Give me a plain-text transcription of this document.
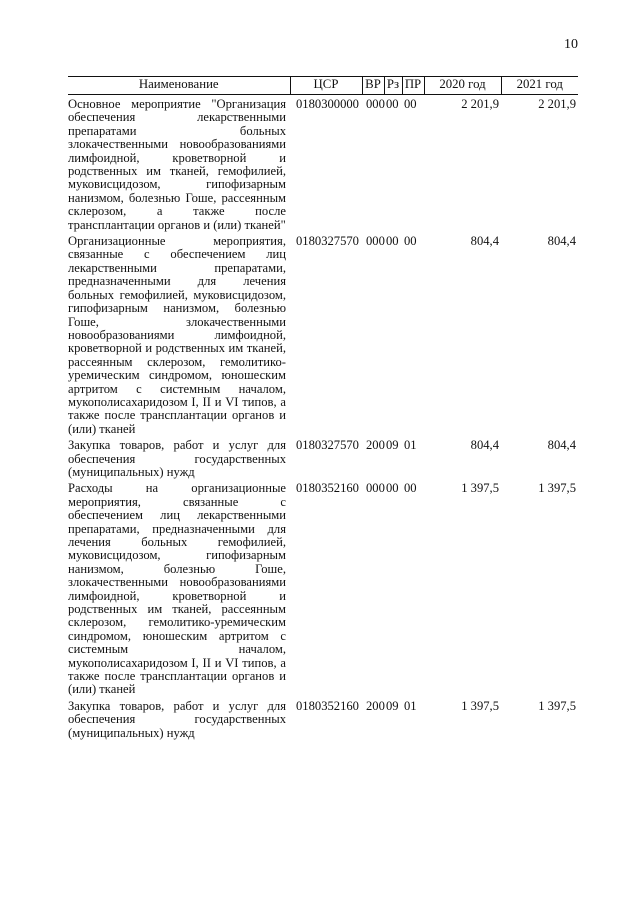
10
Наименование	ЦСР	ВР	Рз	ПР	2020 год	2021 год
Основное мероприятие "Организация обеспечения лекарственными препаратами больных злокачественными новообразованиями лимфоидной, кроветворной и родственных им тканей, гемофилией, муковисцидозом, гипофизарным нанизмом, болезнью Гоше, рассеянным склерозом, а также после трансплантации органов и (или) тканей"	0180300000	000	00	00	2 201,9	2 201,9
Организационные мероприятия, связанные с обеспечением лиц лекарственными препаратами, предназначенными для лечения больных гемофилией, муковисцидозом, гипофизарным нанизмом, болезнью Гоше, злокачественными новообразованиями лимфоидной, кроветворной и родственных им тканей, рассеянным склерозом, гемолитико-уремическим синдромом, юношеским артритом с системным началом, мукополисахаридозом I, II и VI типов, а также после трансплантации органов и (или) тканей	0180327570	000	00	00	804,4	804,4
Закупка товаров, работ и услуг для обеспечения государственных (муниципальных) нужд	0180327570	200	09	01	804,4	804,4
Расходы на организационные мероприятия, связанные с обеспечением лиц лекарственными препаратами, предназначенными для лечения больных гемофилией, муковисцидозом, гипофизарным нанизмом, болезнью Гоше, злокачественными новообразованиями лимфоидной, кроветворной и родственных им тканей, рассеянным склерозом, гемолитико-уремическим синдромом, юношеским артритом с системным началом, мукополисахаридозом I, II и VI типов, а также после трансплантации органов и (или) тканей	0180352160	000	00	00	1 397,5	1 397,5
Закупка товаров, работ и услуг для обеспечения государственных (муниципальных) нужд	0180352160	200	09	01	1 397,5	1 397,5
